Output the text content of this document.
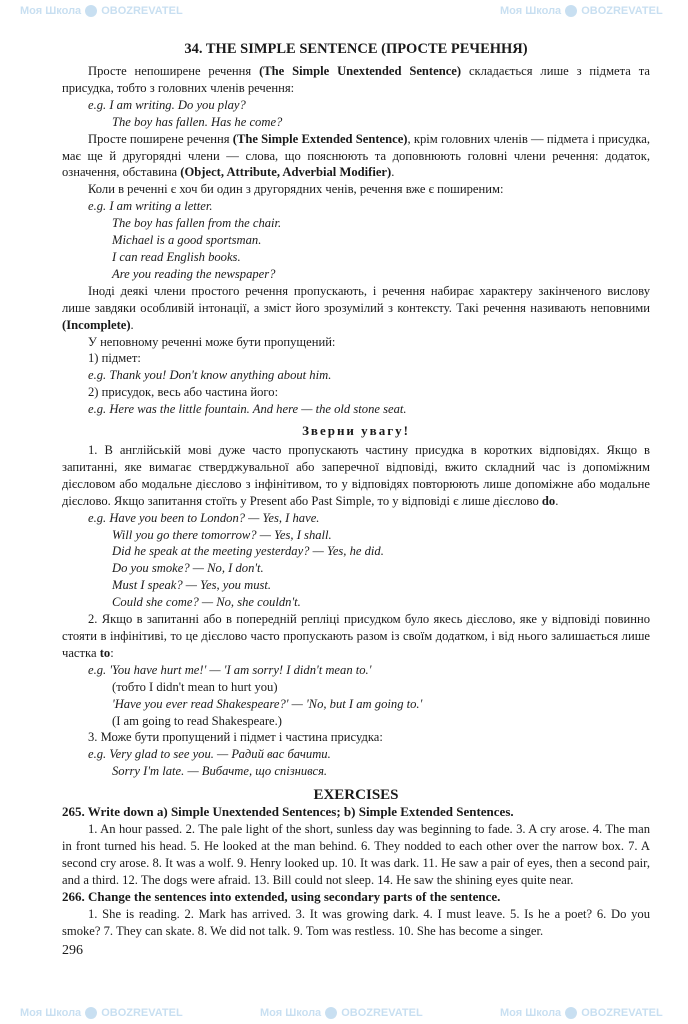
Моя Школа OBOZREVATEL	Моя Школа OBOZREVATEL
Моя Школа OBOZREVATEL	Моя Школа OBOZREVATEL	Моя Школа OBOZREVATEL
34. THE SIMPLE SENTENCE (ПРОСТЕ РЕЧЕННЯ)

Просте непоширене речення (The Simple Unextended Sentence) складається лише з підмета та присудка, тобто з головних членів речення:

e.g. I am writing. Do you play?

The boy has fallen. Has he come?

Просте поширене речення (The Simple Extended Sentence), крім головних членів — підмета і присудка, має ще й другорядні члени — слова, що пояснюють та доповнюють головні члени речення: додаток, означення, обставина (Object, Attribute, Adverbial Modifier).

Коли в реченні є хоч би один з другорядних ченів, речення вже є поширеним:

e.g. I am writing a letter.

The boy has fallen from the chair.

Michael is a good sportsman.

I can read English books.

Are you reading the newspaper?

Іноді деякі члени простого речення пропускають, і речення набирає характеру закінченого вислову лише завдяки особливій інтонації, а зміст його зрозумілий з контексту. Такі речення називають неповними (Incomplete).

У неповному реченні може бути пропущений:

1) підмет:

e.g. Thank you! Don't know anything about him.

2) присудок, весь або частина його:

e.g. Here was the little fountain. And here — the old stone seat.

Зверни увагу!

1. В англійській мові дуже часто пропускають частину присудка в коротких відповідях. Якщо в запитанні, яке вимагає стверджувальної або заперечної відповіді, вжито складний час із допоміжним дієсловом або модальне дієслово з інфінітивом, то у відповідях повторюють лише допоміжне або модальне дієслово. Якщо запитання стоїть у Present або Past Simple, то у відповіді є лише дієслово do.

e.g. Have you been to London? — Yes, I have.

Will you go there tomorrow? — Yes, I shall.

Did he speak at the meeting yesterday? — Yes, he did.

Do you smoke? — No, I don't.

Must I speak? — Yes, you must.

Could she come? — No, she couldn't.

2. Якщо в запитанні або в попередній репліці присудком було якесь дієслово, яке у відповіді повинно стояти в інфінітиві, то це дієслово часто пропускають разом із своїм додатком, і від нього залишається лише частка to:

e.g. 'You have hurt me!' — 'I am sorry! I didn't mean to.'

(тобто I didn't mean to hurt you)

'Have you ever read Shakespeare?' — 'No, but I am going to.'

(I am going to read Shakespeare.)

3. Може бути пропущений і підмет і частина присудка:

e.g. Very glad to see you. — Радий вас бачити.

Sorry I'm late. — Вибачте, що спізнився.

EXERCISES

265. Write down a) Simple Unextended Sentences; b) Simple Extended Sentences.

1. An hour passed. 2. The pale light of the short, sunless day was beginning to fade. 3. A cry arose. 4. The man in front turned his head. 5. He looked at the man behind. 6. They nodded to each other over the narrow box. 7. A second cry arose. 8. It was a wolf. 9. Henry looked up. 10. It was dark. 11. He saw a pair of eyes, then a second pair, and a third. 12. The dogs were afraid. 13. Bill could not sleep. 14. He saw the shining eyes quite near.

266. Change the sentences into extended, using secondary parts of the sentence.

1. She is reading. 2. Mark has arrived. 3. It was growing dark. 4. I must leave. 5. Is he a poet? 6. Do you smoke? 7. They can skate. 8. We did not talk. 9. Tom was restless. 10. She has become a singer.

296
